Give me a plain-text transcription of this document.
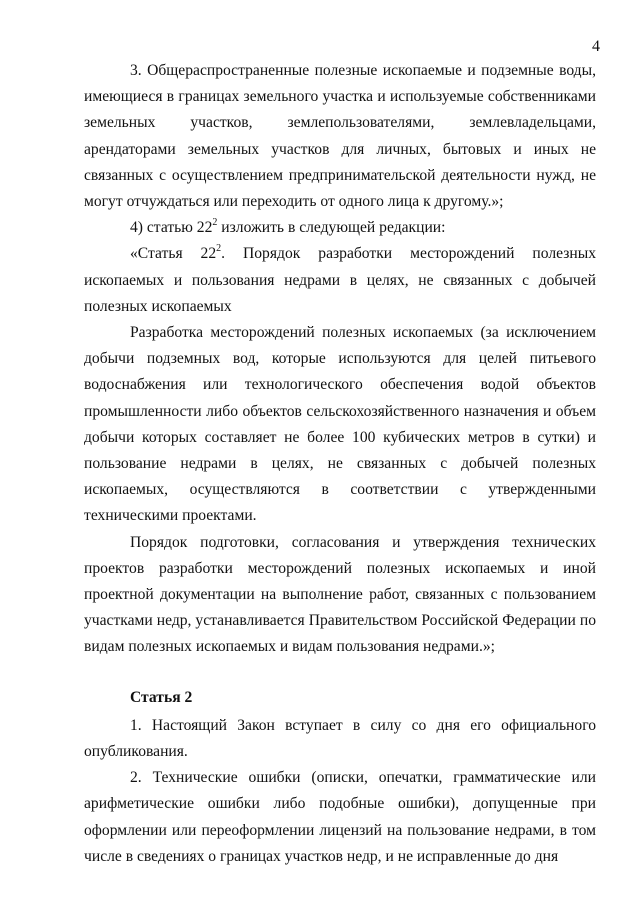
4

3. Общераспространенные полезные ископаемые и подземные воды, имеющиеся в границах земельного участка и используемые собственниками земельных участков, землепользователями, землевладельцами, арендаторами земельных участков для личных, бытовых и иных не связанных с осуществлением предпринимательской деятельности нужд, не могут отчуждаться или переходить от одного лица к другому.»;

4) статью $22^2$ изложить в следующей редакции:

«Статья $22^2$. Порядок разработки месторождений полезных ископаемых и пользования недрами в целях, не связанных с добычей полезных ископаемых

Разработка месторождений полезных ископаемых (за исключением добычи подземных вод, которые используются для целей питьевого водоснабжения или технологического обеспечения водой объектов промышленности либо объектов сельскохозяйственного назначения и объем добычи которых составляет не более 100 кубических метров в сутки) и пользование недрами в целях, не связанных с добычей полезных ископаемых, осуществляются в соответствии с утвержденными техническими проектами.

Порядок подготовки, согласования и утверждения технических проектов разработки месторождений полезных ископаемых и иной проектной документации на выполнение работ, связанных с пользованием участками недр, устанавливается Правительством Российской Федерации по видам полезных ископаемых и видам пользования недрами.»;

Статья 2

1. Настоящий Закон вступает в силу со дня его официального опубликования.

2. Технические ошибки (описки, опечатки, грамматические или арифметические ошибки либо подобные ошибки), допущенные при оформлении или переоформлении лицензий на пользование недрами, в том числе в сведениях о границах участков недр, и не исправленные до дня
